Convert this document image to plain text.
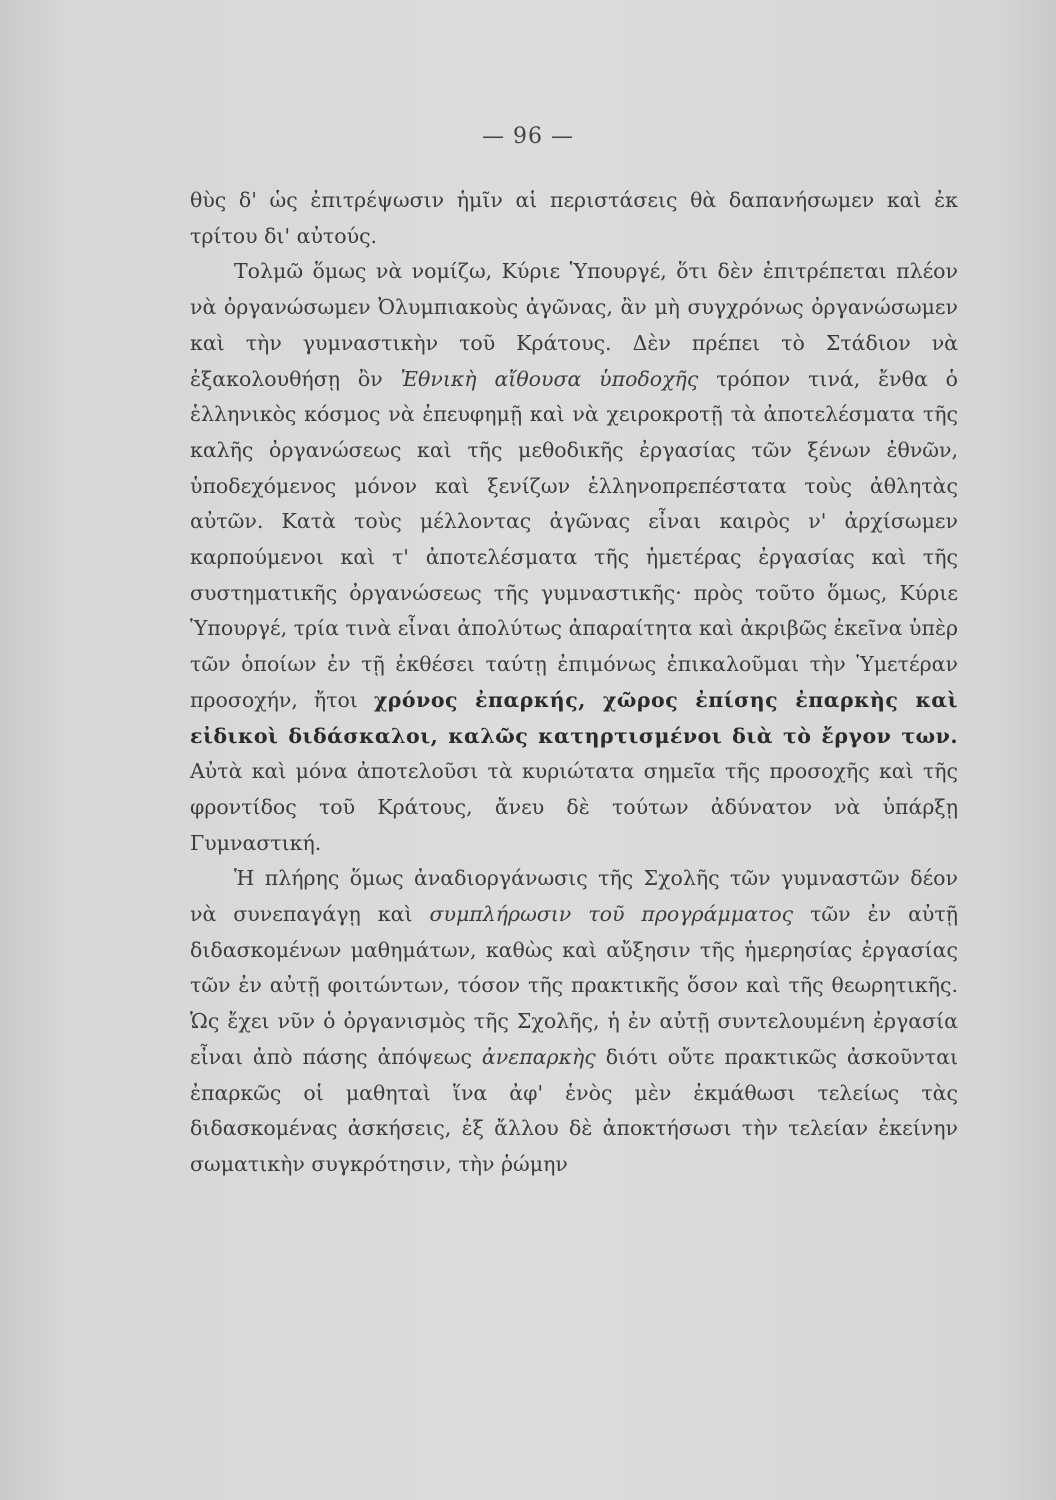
— 96 —

θὺς δ' ὡς ἐπιτρέψωσιν ἡμῖν αἱ περιστάσεις θὰ δαπανήσωμεν καὶ ἐκ τρίτου δι' αὐτούς.

Τολμῶ ὅμως νὰ νομίζω, Κύριε Ὑπουργέ, ὅτι δὲν ἐπιτρέπεται πλέον νὰ ὀργανώσωμεν Ὀλυμπιακοὺς ἀγῶνας, ἂν μὴ συγχρόνως ὀργανώσωμεν καὶ τὴν γυμναστικὴν τοῦ Κράτους. Δὲν πρέπει τὸ Στάδιον νὰ ἐξακολουθήσῃ ὂν Ἐθνικὴ αἴθουσα ὑποδοχῆς τρόπον τινά, ἔνθα ὁ ἑλληνικὸς κόσμος νὰ ἐπευφημῇ καὶ νὰ χειροκροτῇ τὰ ἀποτελέσματα τῆς καλῆς ὀργανώσεως καὶ τῆς μεθοδικῆς ἐργασίας τῶν ξένων ἐθνῶν, ὑποδεχόμενος μόνον καὶ ξενίζων ἑλληνοπρεπέστατα τοὺς ἀθλητὰς αὐτῶν. Κατὰ τοὺς μέλλοντας ἀγῶνας εἶναι καιρὸς ν' ἀρχίσωμεν καρπούμενοι καὶ τ' ἀποτελέσματα τῆς ἡμετέρας ἐργασίας καὶ τῆς συστηματικῆς ὀργανώσεως τῆς γυμναστικῆς· πρὸς τοῦτο ὅμως, Κύριε Ὑπουργέ, τρία τινὰ εἶναι ἀπολύτως ἀπαραίτητα καὶ ἀκριβῶς ἐκεῖνα ὑπὲρ τῶν ὁποίων ἐν τῇ ἐκθέσει ταύτῃ ἐπιμόνως ἐπικαλοῦμαι τὴν Ὑμετέραν προσοχήν, ἤτοι χρόνος ἐπαρκής, χῶρος ἐπίσης ἐπαρκὴς καὶ εἰδικοὶ διδάσκαλοι, καλῶς κατηρτισμένοι διὰ τὸ ἔργον των. Αὐτὰ καὶ μόνα ἀποτελοῦσι τὰ κυριώτατα σημεῖα τῆς προσοχῆς καὶ τῆς φροντίδος τοῦ Κράτους, ἄνευ δὲ τούτων ἀδύνατον νὰ ὑπάρξῃ Γυμναστική.

Ἡ πλήρης ὅμως ἀναδιοργάνωσις τῆς Σχολῆς τῶν γυμναστῶν δέον νὰ συνεπαγάγῃ καὶ συμπλήρωσιν τοῦ προγράμματος τῶν ἐν αὐτῇ διδασκομένων μαθημάτων, καθὼς καὶ αὔξησιν τῆς ἡμερησίας ἐργασίας τῶν ἐν αὐτῇ φοιτώντων, τόσον τῆς πρακτικῆς ὅσον καὶ τῆς θεωρητικῆς. Ὡς ἔχει νῦν ὁ ὀργανισμὸς τῆς Σχολῆς, ἡ ἐν αὐτῇ συντελουμένη ἐργασία εἶναι ἀπὸ πάσης ἀπόψεως ἀνεπαρκὴς διότι οὔτε πρακτικῶς ἀσκοῦνται ἐπαρκῶς οἱ μαθηταὶ ἵνα ἀφ' ἑνὸς μὲν ἐκμάθωσι τελείως τὰς διδασκομένας ἀσκήσεις, ἐξ ἄλλου δὲ ἀποκτήσωσι τὴν τελείαν ἐκείνην σωματικὴν συγκρότησιν, τὴν ῥώμην
